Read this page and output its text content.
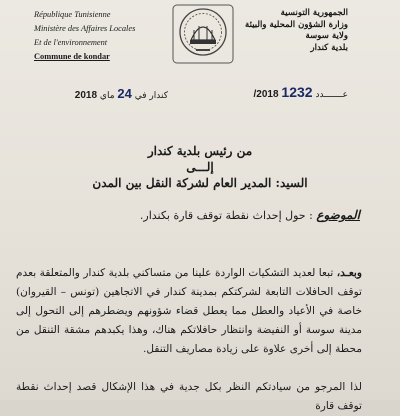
République Tunisienne
Ministère des Affaires Locales
Et de l'environnement
Commune de kondar
الجمهورية التونسية
وزارة الشؤون المحلية والبيئة
ولاية سوسة
بلدية كندار
عـــــــدد 1232 /2018
كندار في 24 ماي 2018
من رئيس بلدية كندار
إلـــى
السيد: المدير العام لشركة النقل بين المدن
الموضوع : حول إحداث نقطة توقف قارة بكندار.
وبعـد، تبعا لعديد التشكيات الواردة علينا من متساكني بلدية كندار والمتعلقة بعدم توقف الحافلات التابعة لشركتكم بمدينة كندار في الاتجاهين (تونس – القيروان) خاصة في الأعياد والعطل مما يعطل قضاء شؤونهم ويضطرهم إلى التحول إلى مدينة سوسة أو النفيضة وانتظار حافلاتكم هناك، وهذا يكبدهم مشقة التنقل من محطة إلى أخرى علاوة على زيادة مصاريف التنقل.
لذا المرجو من سيادتكم النظر بكل جدية في هذا الإشكال قصد إحداث نقطة توقف قارة
